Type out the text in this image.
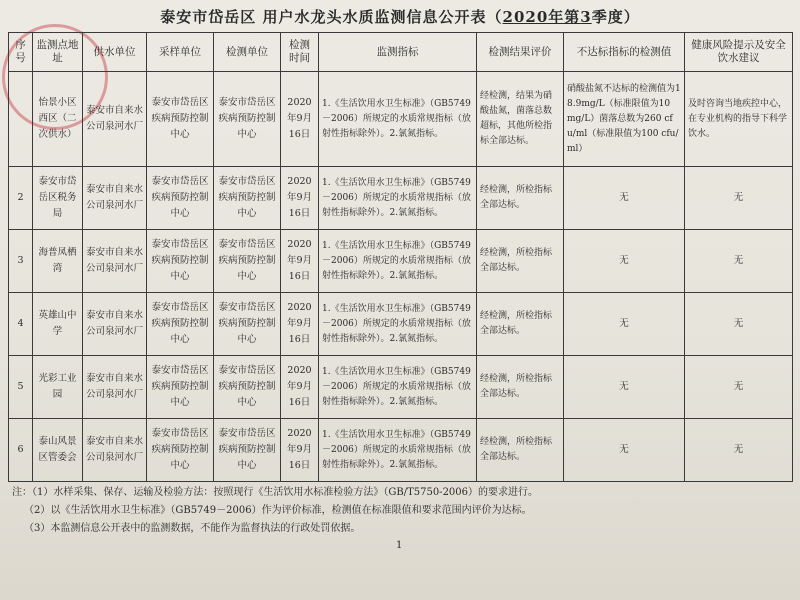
泰安市岱岳区 用户水龙头水质监测信息公开表（2020年第3季度）
序号	监测点地址	供水单位	采样单位	检测单位	检测时间	监测指标	检测结果评价	不达标指标的检测值	健康风险提示及安全饮水建议
	怡景小区西区（二次供水）	泰安市自来水公司泉河水厂	泰安市岱岳区疾病预防控制中心	泰安市岱岳区疾病预防控制中心	2020年9月16日	1.《生活饮用水卫生标准》（GB5749－2006）所规定的水质常规指标（放射性指标除外）。2.氯氮指标。	经检测，结果为硝酸盐氮，菌落总数超标，其他所检指标全部达标。	硝酸盐氮不达标的检测值为18.9mg/L（标准限值为10 mg/L）菌落总数为260 cfu/ml（标准限值为100 cfu/ml）	及时咨询当地疾控中心，在专业机构的指导下科学饮水。
2	泰安市岱岳区税务局	泰安市自来水公司泉河水厂	泰安市岱岳区疾病预防控制中心	泰安市岱岳区疾病预防控制中心	2020年9月16日	1.《生活饮用水卫生标准》（GB5749－2006）所规定的水质常规指标（放射性指标除外）。2.氯氮指标。	经检测，所检指标全部达标。	无	无
3	海普凤栖湾	泰安市自来水公司泉河水厂	泰安市岱岳区疾病预防控制中心	泰安市岱岳区疾病预防控制中心	2020年9月16日	1.《生活饮用水卫生标准》（GB5749－2006）所规定的水质常规指标（放射性指标除外）。2.氯氮指标。	经检测，所检指标全部达标。	无	无
4	英雄山中学	泰安市自来水公司泉河水厂	泰安市岱岳区疾病预防控制中心	泰安市岱岳区疾病预防控制中心	2020年9月16日	1.《生活饮用水卫生标准》（GB5749－2006）所规定的水质常规指标（放射性指标除外）。2.氯氮指标。	经检测，所检指标全部达标。	无	无
5	光彩工业园	泰安市自来水公司泉河水厂	泰安市岱岳区疾病预防控制中心	泰安市岱岳区疾病预防控制中心	2020年9月16日	1.《生活饮用水卫生标准》（GB5749－2006）所规定的水质常规指标（放射性指标除外）。2.氯氮指标。	经检测，所检指标全部达标。	无	无
6	泰山风景区管委会	泰安市自来水公司泉河水厂	泰安市岱岳区疾病预防控制中心	泰安市岱岳区疾病预防控制中心	2020年9月16日	1.《生活饮用水卫生标准》（GB5749－2006）所规定的水质常规指标（放射性指标除外）。2.氯氮指标。	经检测，所检指标全部达标。	无	无
注：（1）水样采集、保存、运输及检验方法：按照现行《生活饮用水标准检验方法》（GB/T5750-2006）的要求进行。
（2）以《生活饮用水卫生标准》（GB5749－2006）作为评价标准，检测值在标准限值和要求范围内评价为达标。
（3）本监测信息公开表中的监测数据，不能作为监督执法的行政处罚依据。
1
